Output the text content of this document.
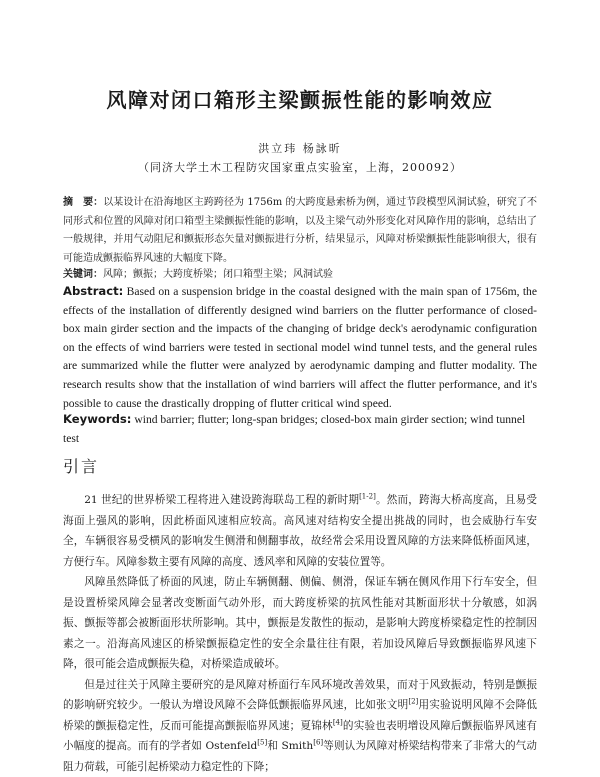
风障对闭口箱形主梁颤振性能的影响效应
洪立玮 杨詠昕
（同济大学土木工程防灾国家重点实验室，上海，200092）
摘　要：以某设计在沿海地区主跨跨径为 1756m 的大跨度悬索桥为例，通过节段模型风洞试验，研究了不同形式和位置的风障对闭口箱型主梁颤振性能的影响，以及主梁气动外形变化对风障作用的影响，总结出了一般规律，并用气动阻尼和颤振形态矢量对颤振进行分析，结果显示，风障对桥梁颤振性能影响很大，很有可能造成颤振临界风速的大幅度下降。
关键词：风障；颤振；大跨度桥梁；闭口箱型主梁；风洞试验
Abstract: Based on a suspension bridge in the coastal designed with the main span of 1756m, the effects of the installation of differently designed wind barriers on the flutter performance of closed-box main girder section and the impacts of the changing of bridge deck's aerodynamic configuration on the effects of wind barriers were tested in sectional model wind tunnel tests, and the general rules are summarized while the flutter were analyzed by aerodynamic damping and flutter modality. The research results show that the installation of wind barriers will affect the flutter performance, and it's possible to cause the drastically dropping of flutter critical wind speed.
Keywords: wind barrier; flutter; long-span bridges; closed-box main girder section; wind tunnel test
引言

21 世纪的世界桥梁工程将进入建设跨海联岛工程的新时期[1-2]。然而，跨海大桥高度高，且易受海面上强风的影响，因此桥面风速相应较高。高风速对结构安全提出挑战的同时，也会威胁行车安全，车辆很容易受横风的影响发生侧滑和侧翻事故，故经常会采用设置风障的方法来降低桥面风速，方便行车。风障参数主要有风障的高度、透风率和风障的安装位置等。

风障虽然降低了桥面的风速，防止车辆侧翻、侧偏、侧滑，保证车辆在侧风作用下行车安全，但是设置桥梁风障会显著改变断面气动外形，而大跨度桥梁的抗风性能对其断面形状十分敏感，如涡振、颤振等都会被断面形状所影响。其中，颤振是发散性的振动，是影响大跨度桥梁稳定性的控制因素之一。沿海高风速区的桥梁颤振稳定性的安全余量往往有限，若加设风障后导致颤振临界风速下降，很可能会造成颤振失稳，对桥梁造成破坏。

但是过往关于风障主要研究的是风障对桥面行车风环境改善效果，而对于风致振动，特别是颤振的影响研究较少。一般认为增设风障不会降低颤振临界风速，比如张文明[2]用实验说明风障不会降低桥梁的颤振稳定性，反而可能提高颤振临界风速；夏锦林[4]的实验也表明增设风障后颤振临界风速有小幅度的提高。而有的学者如 Ostenfeld[5]和 Smith[6]等则认为风障对桥梁结构带来了非常大的气动阻力荷载，可能引起桥梁动力稳定性的下降；
